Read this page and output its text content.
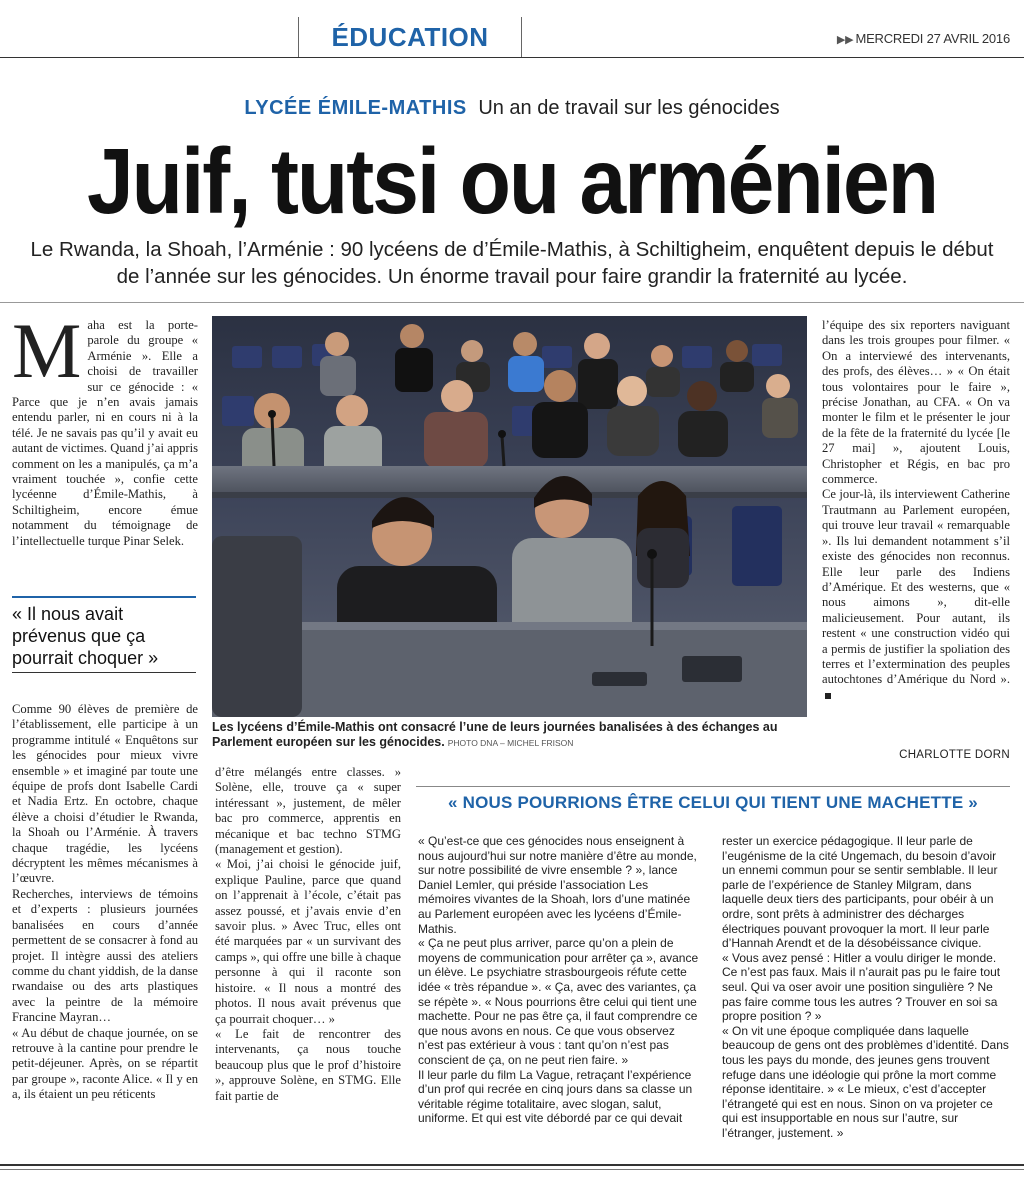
ÉDUCATION	▶▶ MERCREDI 27 AVRIL 2016
LYCÉE ÉMILE-MATHIS Un an de travail sur les génocides
Juif, tutsi ou arménien
Le Rwanda, la Shoah, l’Arménie : 90 lycéens de d’Émile-Mathis, à Schiltigheim, enquêtent depuis le début de l’année sur les génocides. Un énorme travail pour faire grandir la fraternité au lycée.
M aha est la porte-parole du groupe « Arménie ». Elle a choisi de travailler sur ce génocide : « Parce que je n’en avais jamais entendu parler, ni en cours ni à la télé. Je ne savais pas qu’il y avait eu autant de victimes. Quand j’ai appris comment on les a manipulés, ça m’a vraiment touchée », confie cette lycéenne d’Émile-Mathis, à Schiltigheim, encore émue notamment du témoignage de l’intellectuelle turque Pinar Selek.

« Il nous avait prévenus que ça pourrait choquer »

Comme 90 élèves de première de l’établissement, elle participe à un programme intitulé « Enquêtons sur les génocides pour mieux vivre ensemble » et imaginé par toute une équipe de profs dont Isabelle Cardi et Nadia Ertz. En octobre, chaque élève a choisi d’étudier le Rwanda, la Shoah ou l’Arménie. À travers chaque tragédie, les lycéens décryptent les mêmes mécanismes à l’œuvre.

Recherches, interviews de témoins et d’experts : plusieurs journées banalisées en cours d’année permettent de se consacrer à fond au projet. Il intègre aussi des ateliers comme du chant yiddish, de la danse rwandaise ou des arts plastiques avec la peintre de la mémoire Francine Mayran…

« Au début de chaque journée, on se retrouve à la cantine pour prendre le petit-déjeuner. Après, on se répartit par groupe », raconte Alice. « Il y en a, ils étaient un peu réticents

Les lycéens d’Émile-Mathis ont consacré l’une de leurs journées banalisées à des échanges au Parlement européen sur les génocides. PHOTO DNA – MICHEL FRISON

l’équipe des six reporters naviguant dans les trois groupes pour filmer. « On a interviewé des intervenants, des profs, des élèves… » « On était tous volontaires pour le faire », précise Jonathan, au CFA. « On va monter le film et le présenter le jour de la fête de la fraternité du lycée [le 27 mai] », ajoutent Louis, Christopher et Régis, en bac pro commerce.

Ce jour-là, ils interviewent Catherine Trautmann au Parlement européen, qui trouve leur travail « remarquable ». Ils lui demandent notamment s’il existe des génocides non reconnus. Elle leur parle des Indiens d’Amérique. Et des westerns, que « nous aimons », dit-elle malicieusement. Pour autant, ils restent « une construction vidéo qui a permis de justifier la spoliation des terres et l’extermination des peuples autochtones d’Amérique du Nord ».

CHARLOTTE DORN

d’être mélangés entre classes. » Solène, elle, trouve ça « super intéressant », justement, de mêler bac pro commerce, apprentis en mécanique et bac techno STMG (management et gestion).

« Moi, j’ai choisi le génocide juif, explique Pauline, parce que quand on l’apprenait à l’école, c’était pas assez poussé, et j’avais envie d’en savoir plus. » Avec Truc, elles ont été marquées par « un survivant des camps », qui offre une bille à chaque personne à qui il raconte son histoire. « Il nous a montré des photos. Il nous avait prévenus que ça pourrait choquer… »

« Le fait de rencontrer des intervenants, ça nous touche beaucoup plus que le prof d’histoire », approuve Solène, en STMG. Elle fait partie de

« NOUS POURRIONS ÊTRE CELUI QUI TIENT UNE MACHETTE »

« Qu’est-ce que ces génocides nous enseignent à nous aujourd’hui sur notre manière d’être au monde, sur notre possibilité de vivre ensemble ? », lance Daniel Lemler, qui préside l’association Les mémoires vivantes de la Shoah, lors d’une matinée au Parlement européen avec les lycéens d’Émile-Mathis.

« Ça ne peut plus arriver, parce qu’on a plein de moyens de communication pour arrêter ça », avance un élève. Le psychiatre strasbourgeois réfute cette idée « très répandue ». « Ça, avec des variantes, ça se répète ». « Nous pourrions être celui qui tient une machette. Pour ne pas être ça, il faut comprendre ce que nous avons en nous. Ce que vous observez n’est pas extérieur à vous : tant qu’on n’est pas conscient de ça, on ne peut rien faire. »

Il leur parle du film La Vague, retraçant l’expérience d’un prof qui recrée en cinq jours dans sa classe un véritable régime totalitaire, avec slogan, salut, uniforme. Et qui est vite débordé par ce qui devait

rester un exercice pédagogique. Il leur parle de l’eugénisme de la cité Ungemach, du besoin d’avoir un ennemi commun pour se sentir semblable. Il leur parle de l’expérience de Stanley Milgram, dans laquelle deux tiers des participants, pour obéir à un ordre, sont prêts à administrer des décharges électriques pouvant provoquer la mort. Il leur parle d’Hannah Arendt et de la désobéissance civique.

« Vous avez pensé : Hitler a voulu diriger le monde. Ce n’est pas faux. Mais il n’aurait pas pu le faire tout seul. Qui va oser avoir une position singulière ? Ne pas faire comme tous les autres ? Trouver en soi sa propre position ? »

« On vit une époque compliquée dans laquelle beaucoup de gens ont des problèmes d’identité. Dans tous les pays du monde, des jeunes gens trouvent refuge dans une idéologie qui prône la mort comme réponse identitaire. » « Le mieux, c’est d’accepter l’étrangeté qui est en nous. Sinon on va projeter ce qui est insupportable en nous sur l’autre, sur l’étranger, justement. »
